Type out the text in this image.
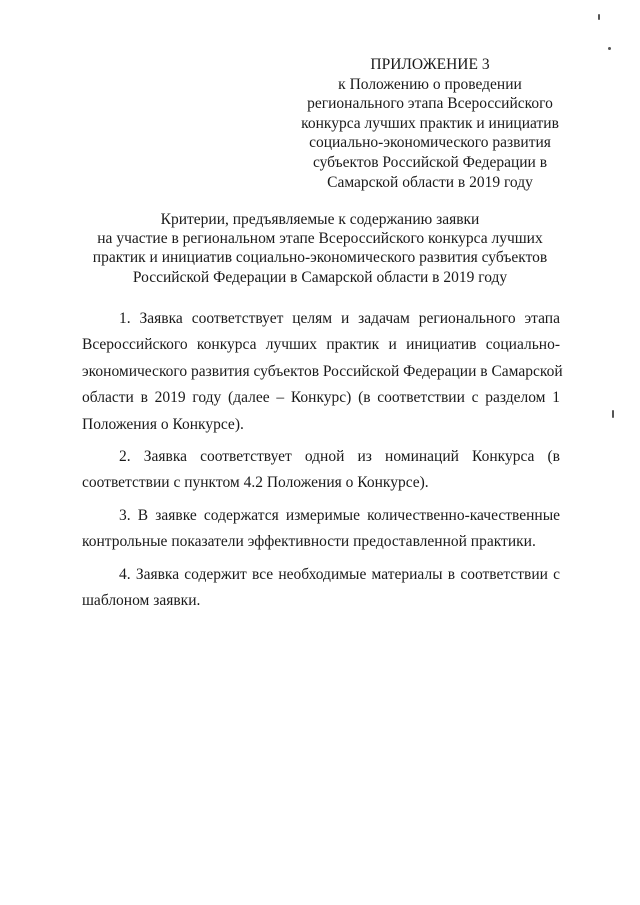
ПРИЛОЖЕНИЕ 3
к Положению о проведении
регионального этапа Всероссийского
конкурса лучших практик и инициатив
социально-экономического развития
субъектов Российской Федерации в
Самарской области в 2019 году
Критерии, предъявляемые к содержанию заявки
на участие в региональном этапе Всероссийского конкурса лучших
практик и инициатив социально-экономического развития субъектов
Российской Федерации в Самарской области в 2019 году
1. Заявка соответствует целям и задачам регионального этапа
Всероссийского конкурса лучших практик и инициатив социально-
экономического развития субъектов Российской Федерации в Самарской
области в 2019 году (далее – Конкурс) (в соответствии с разделом 1
Положения о Конкурсе).
2. Заявка соответствует одной из номинаций Конкурса (в
соответствии с пунктом 4.2 Положения о Конкурсе).
3. В заявке содержатся измеримые количественно-качественные
контрольные показатели эффективности предоставленной практики.
4. Заявка содержит все необходимые материалы в соответствии с
шаблоном заявки.
